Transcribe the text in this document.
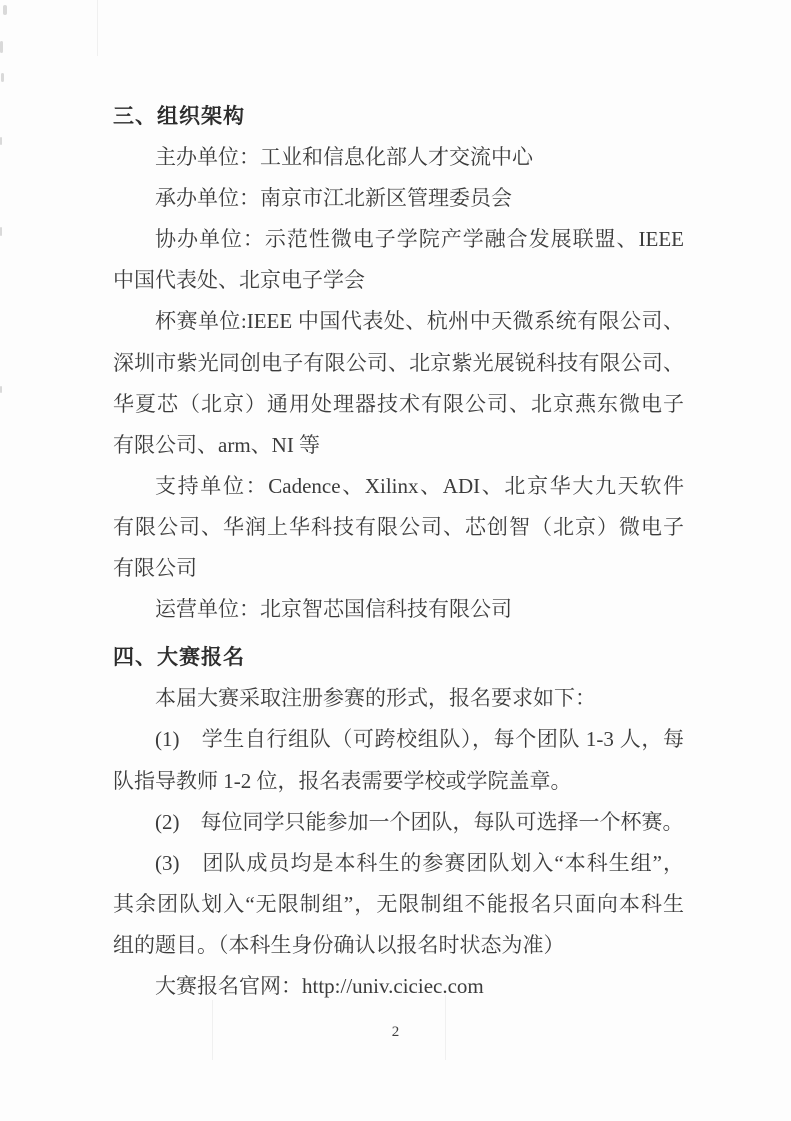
三、组织架构
主办单位：工业和信息化部人才交流中心
承办单位：南京市江北新区管理委员会
协办单位：示范性微电子学院产学融合发展联盟、IEEE
中国代表处、北京电子学会
杯赛单位:IEEE 中国代表处、杭州中天微系统有限公司、
深圳市紫光同创电子有限公司、北京紫光展锐科技有限公司、
华夏芯（北京）通用处理器技术有限公司、北京燕东微电子
有限公司、arm、NI 等
支持单位：Cadence、Xilinx、ADI、北京华大九天软件
有限公司、华润上华科技有限公司、芯创智（北京）微电子
有限公司
运营单位：北京智芯国信科技有限公司
四、大赛报名
本届大赛采取注册参赛的形式，报名要求如下：
(1)　学生自行组队（可跨校组队），每个团队 1-3 人，每
队指导教师 1-2 位，报名表需要学校或学院盖章。
(2)　每位同学只能参加一个团队，每队可选择一个杯赛。
(3)　团队成员均是本科生的参赛团队划入“本科生组”，
其余团队划入“无限制组”，无限制组不能报名只面向本科生
组的题目。（本科生身份确认以报名时状态为准）
大赛报名官网：http://univ.ciciec.com
2
